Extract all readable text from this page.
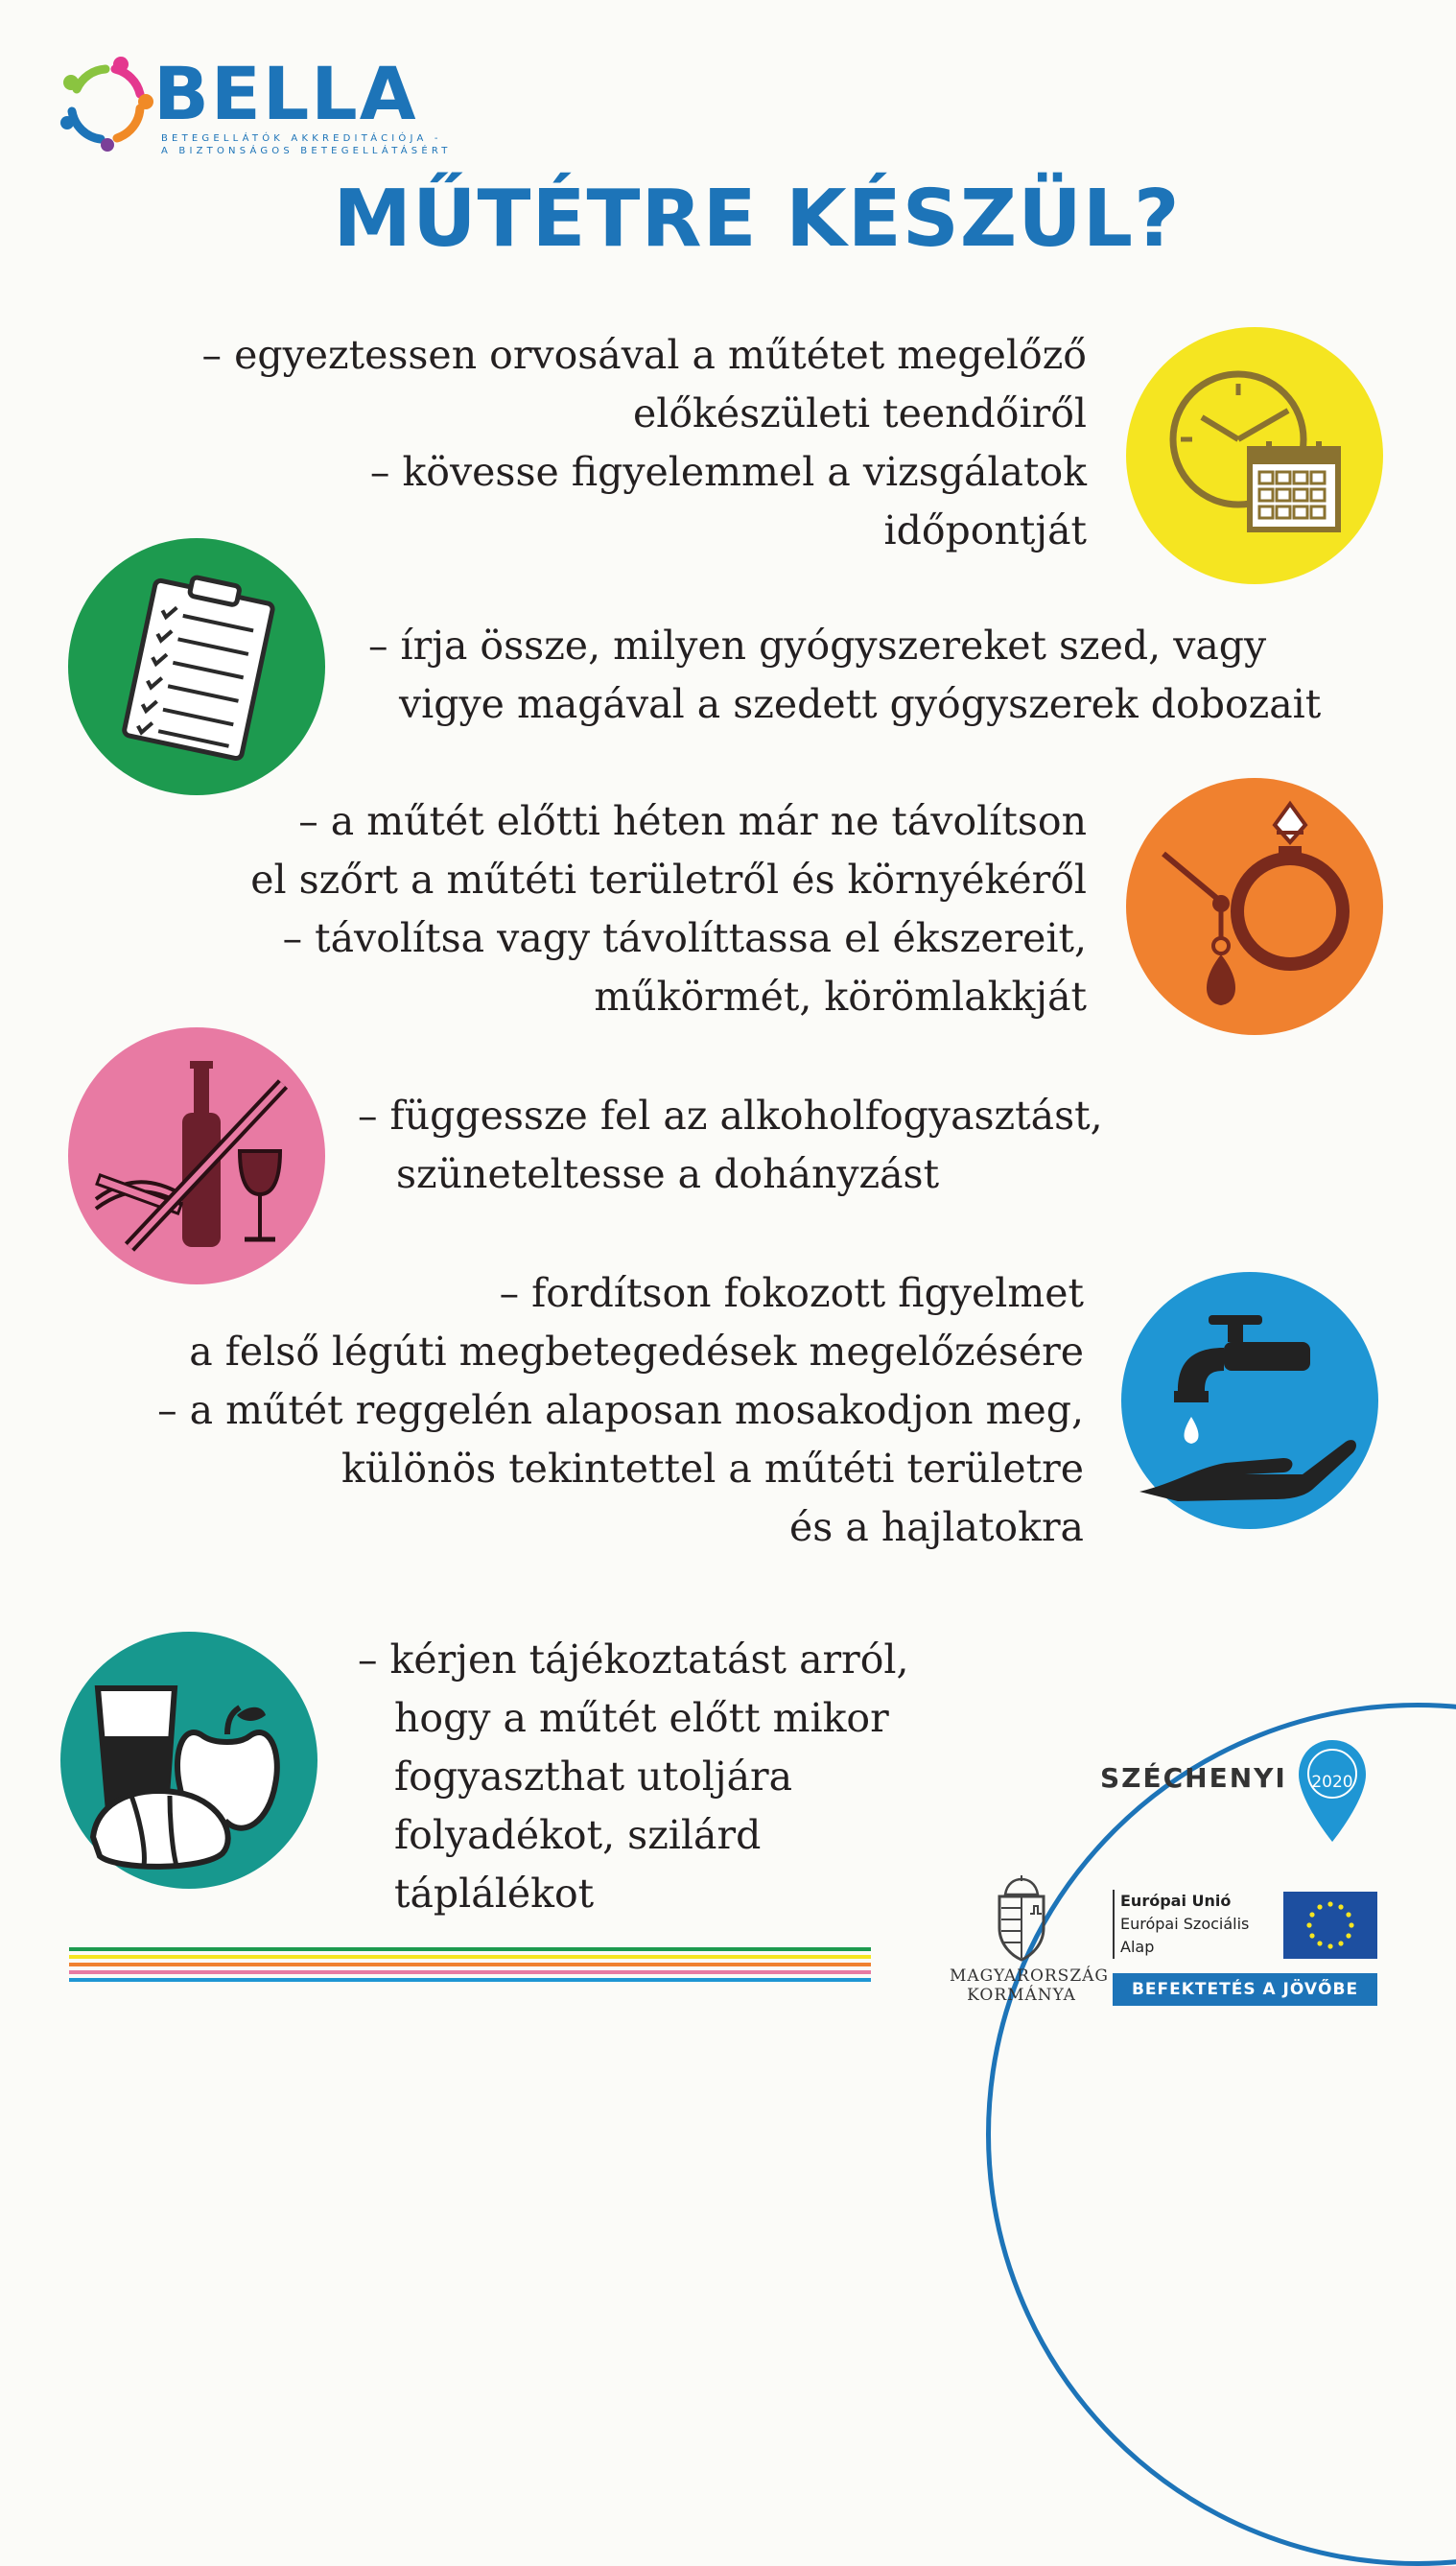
BELLA
BETEGELLÁTÓK AKKREDITÁCIÓJA -
A BIZTONSÁGOS BETEGELLÁTÁSÉRT
MŰTÉTRE KÉSZÜL?
– egyeztessen orvosával a műtétet megelőző
előkészületi teendőiről
– kövesse figyelemmel a vizsgálatok
időpontját
– írja össze, milyen gyógyszereket szed, vagy
vigye magával a szedett gyógyszerek dobozait
– a műtét előtti héten már ne távolítson
el szőrt a műtéti területről és környékéről
– távolítsa vagy távolíttassa el ékszereit,
műkörmét, körömlakkját
– függessze fel az alkoholfogyasztást,
szüneteltesse a dohányzást
– fordítson fokozott figyelmet
a felső légúti megbetegedések megelőzésére
– a műtét reggelén alaposan mosakodjon meg,
különös tekintettel a műtéti területre
és a hajlatokra
– kérjen tájékoztatást arról,
hogy a műtét előtt mikor
fogyaszthat utoljára
folyadékot, szilárd
táplálékot
SZÉCHENYI	2020
MAGYARORSZÁG
KORMÁNYA
Európai Unió
Európai Szociális
Alap
BEFEKTETÉS A JÖVŐBE
